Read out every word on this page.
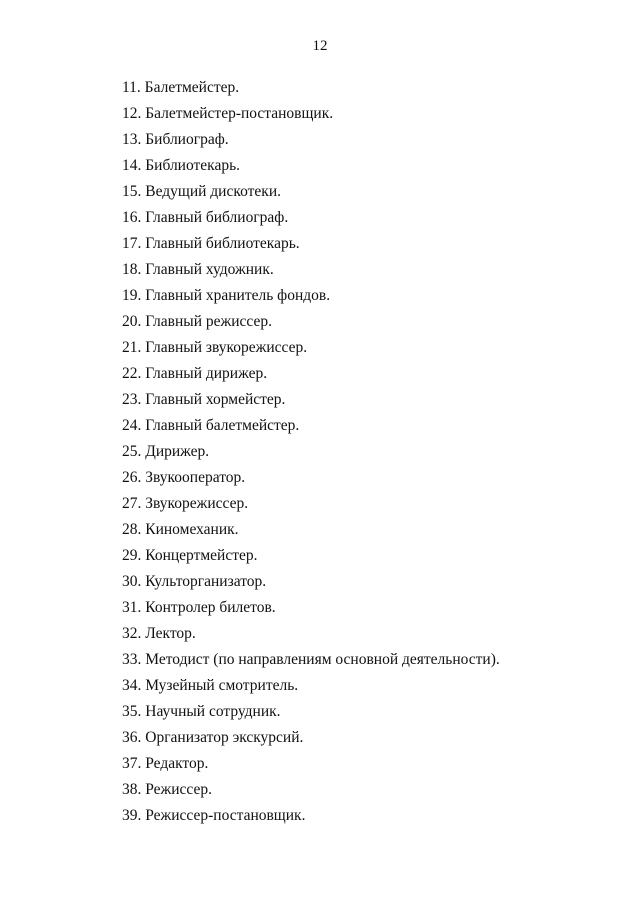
12
11. Балетмейстер.
12. Балетмейстер-постановщик.
13. Библиограф.
14. Библиотекарь.
15. Ведущий дискотеки.
16. Главный библиограф.
17. Главный библиотекарь.
18. Главный художник.
19. Главный хранитель фондов.
20. Главный режиссер.
21. Главный звукорежиссер.
22. Главный дирижер.
23. Главный хормейстер.
24. Главный балетмейстер.
25. Дирижер.
26. Звукооператор.
27. Звукорежиссер.
28. Киномеханик.
29. Концертмейстер.
30. Культорганизатор.
31. Контролер билетов.
32. Лектор.
33. Методист (по направлениям основной деятельности).
34. Музейный смотритель.
35. Научный сотрудник.
36. Организатор экскурсий.
37. Редактор.
38. Режиссер.
39. Режиссер-постановщик.
